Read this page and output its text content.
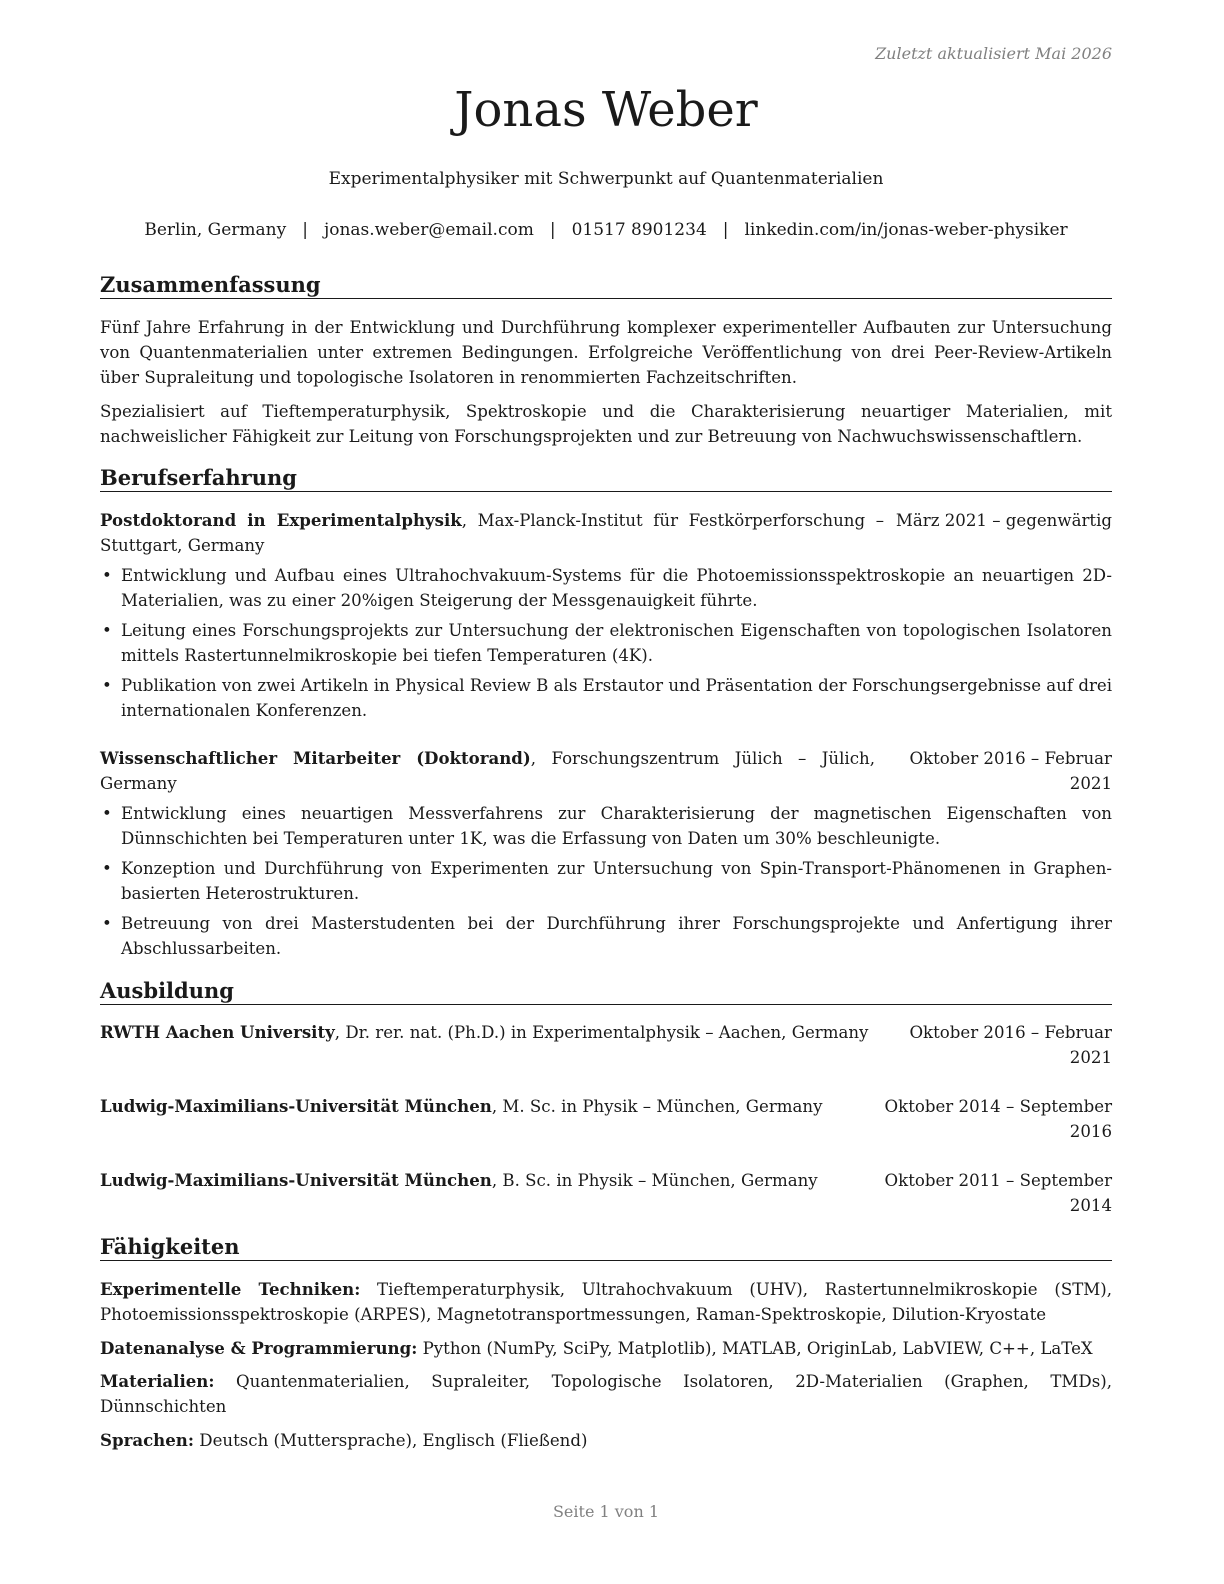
Zuletzt aktualisiert Mai 2026
Jonas Weber
Experimentalphysiker mit Schwerpunkt auf Quantenmaterialien
Berlin, Germany | jonas.weber@email.com | 01517 8901234 | linkedin.com/in/jonas-weber-physiker
Zusammenfassung
Fünf Jahre Erfahrung in der Entwicklung und Durchführung komplexer experimenteller Aufbauten zur Untersuchung von Quantenmaterialien unter extremen Bedingungen. Erfolgreiche Veröffentlichung von drei Peer-Review-Artikeln über Supraleitung und topologische Isolatoren in renommierten Fachzeitschriften.
Spezialisiert auf Tieftemperaturphysik, Spektroskopie und die Charakterisierung neuartiger Materialien, mit nachweislicher Fähigkeit zur Leitung von Forschungsprojekten und zur Betreuung von Nachwuchswissenschaftlern.
Berufserfahrung
Postdoktorand in Experimentalphysik, Max-Planck-Institut für Festkörperforschung – Stuttgart, Germany
März 2021 – gegenwärtig
• Entwicklung und Aufbau eines Ultrahochvakuum-Systems für die Photoemissionsspektroskopie an neuartigen 2D-Materialien, was zu einer 20%igen Steigerung der Messgenauigkeit führte.
• Leitung eines Forschungsprojekts zur Untersuchung der elektronischen Eigenschaften von topologischen Isolatoren mittels Rastertunnelmikroskopie bei tiefen Temperaturen (4K).
• Publikation von zwei Artikeln in Physical Review B als Erstautor und Präsentation der Forschungsergebnisse auf drei internationalen Konferenzen.
Wissenschaftlicher Mitarbeiter (Doktorand), Forschungszentrum Jülich – Jülich, Germany
Oktober 2016 – Februar 2021
• Entwicklung eines neuartigen Messverfahrens zur Charakterisierung der magnetischen Eigenschaften von Dünnschichten bei Temperaturen unter 1K, was die Erfassung von Daten um 30% beschleunigte.
• Konzeption und Durchführung von Experimenten zur Untersuchung von Spin-Transport-Phänomenen in Graphen-basierten Heterostrukturen.
• Betreuung von drei Masterstudenten bei der Durchführung ihrer Forschungsprojekte und Anfertigung ihrer Abschlussarbeiten.
Ausbildung
RWTH Aachen University, Dr. rer. nat. (Ph.D.) in Experimentalphysik – Aachen, Germany	Oktober 2016 – Februar 2021
Ludwig-Maximilians-Universität München, M. Sc. in Physik – München, Germany	Oktober 2014 – September 2016
Ludwig-Maximilians-Universität München, B. Sc. in Physik – München, Germany	Oktober 2011 – September 2014
Fähigkeiten
Experimentelle Techniken: Tieftemperaturphysik, Ultrahochvakuum (UHV), Rastertunnelmikroskopie (STM), Photoemissionsspektroskopie (ARPES), Magnetotransportmessungen, Raman-Spektroskopie, Dilution-Kryostate
Datenanalyse & Programmierung: Python (NumPy, SciPy, Matplotlib), MATLAB, OriginLab, LabVIEW, C++, LaTeX
Materialien: Quantenmaterialien, Supraleiter, Topologische Isolatoren, 2D-Materialien (Graphen, TMDs), Dünnschichten
Sprachen: Deutsch (Muttersprache), Englisch (Fließend)
Seite 1 von 1
